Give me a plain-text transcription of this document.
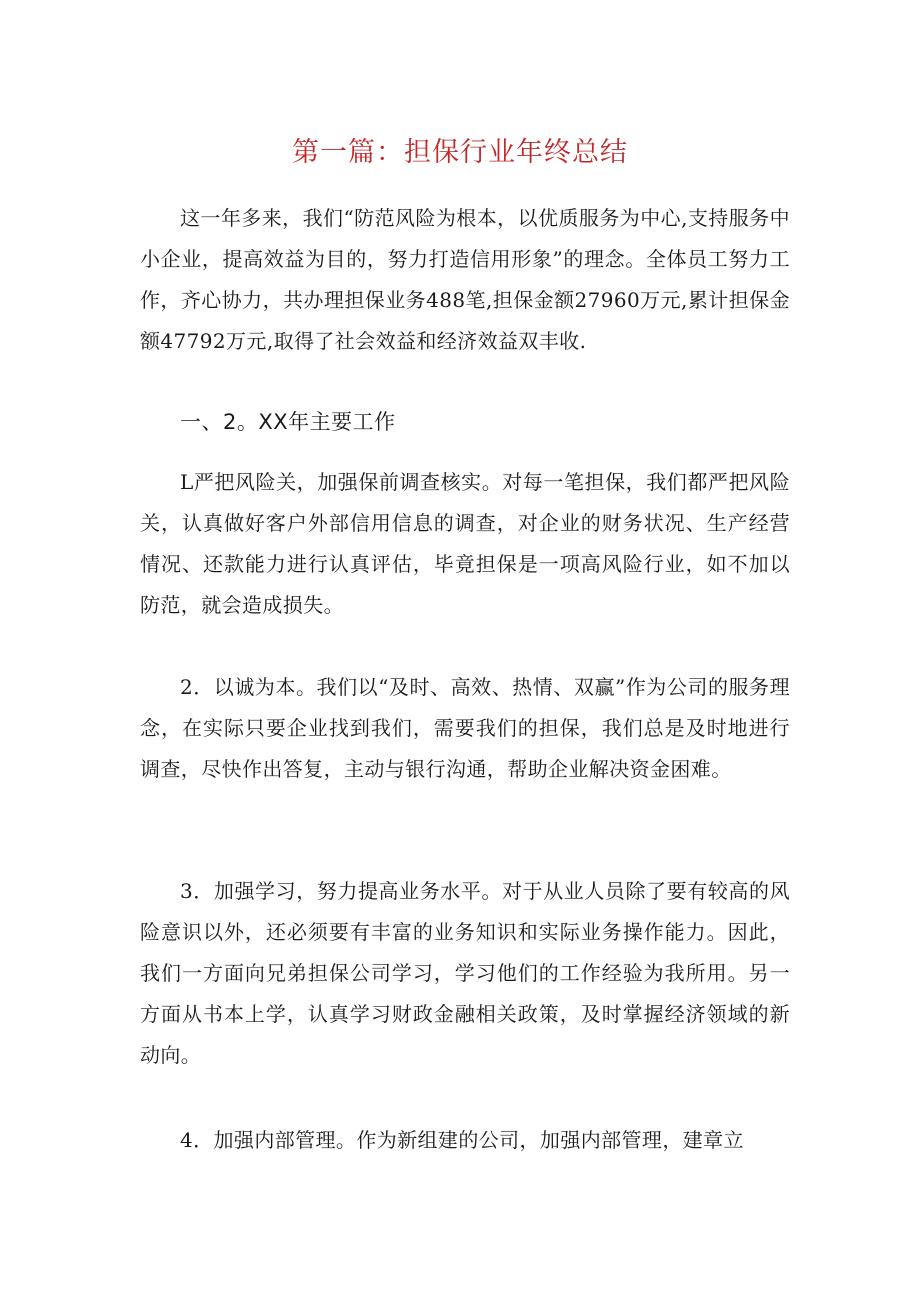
第一篇：担保行业年终总结

这一年多来，我们“防范风险为根本，以优质服务为中心,支持服务中小企业，提高效益为目的，努力打造信用形象”的理念。全体员工努力工作，齐心协力，共办理担保业务488笔,担保金额27960万元,累计担保金额47792万元,取得了社会效益和经济效益双丰收.

一、2。XX年主要工作

L严把风险关，加强保前调查核实。对每一笔担保，我们都严把风险关，认真做好客户外部信用信息的调查，对企业的财务状况、生产经营情况、还款能力进行认真评估，毕竟担保是一项高风险行业，如不加以防范，就会造成损失。

2．以诚为本。我们以“及时、高效、热情、双赢”作为公司的服务理念，在实际只要企业找到我们，需要我们的担保，我们总是及时地进行调查，尽快作出答复，主动与银行沟通，帮助企业解决资金困难。

3．加强学习，努力提高业务水平。对于从业人员除了要有较高的风险意识以外，还必须要有丰富的业务知识和实际业务操作能力。因此，我们一方面向兄弟担保公司学习，学习他们的工作经验为我所用。另一方面从书本上学，认真学习财政金融相关政策，及时掌握经济领域的新动向。

4．加强内部管理。作为新组建的公司，加强内部管理，建章立
